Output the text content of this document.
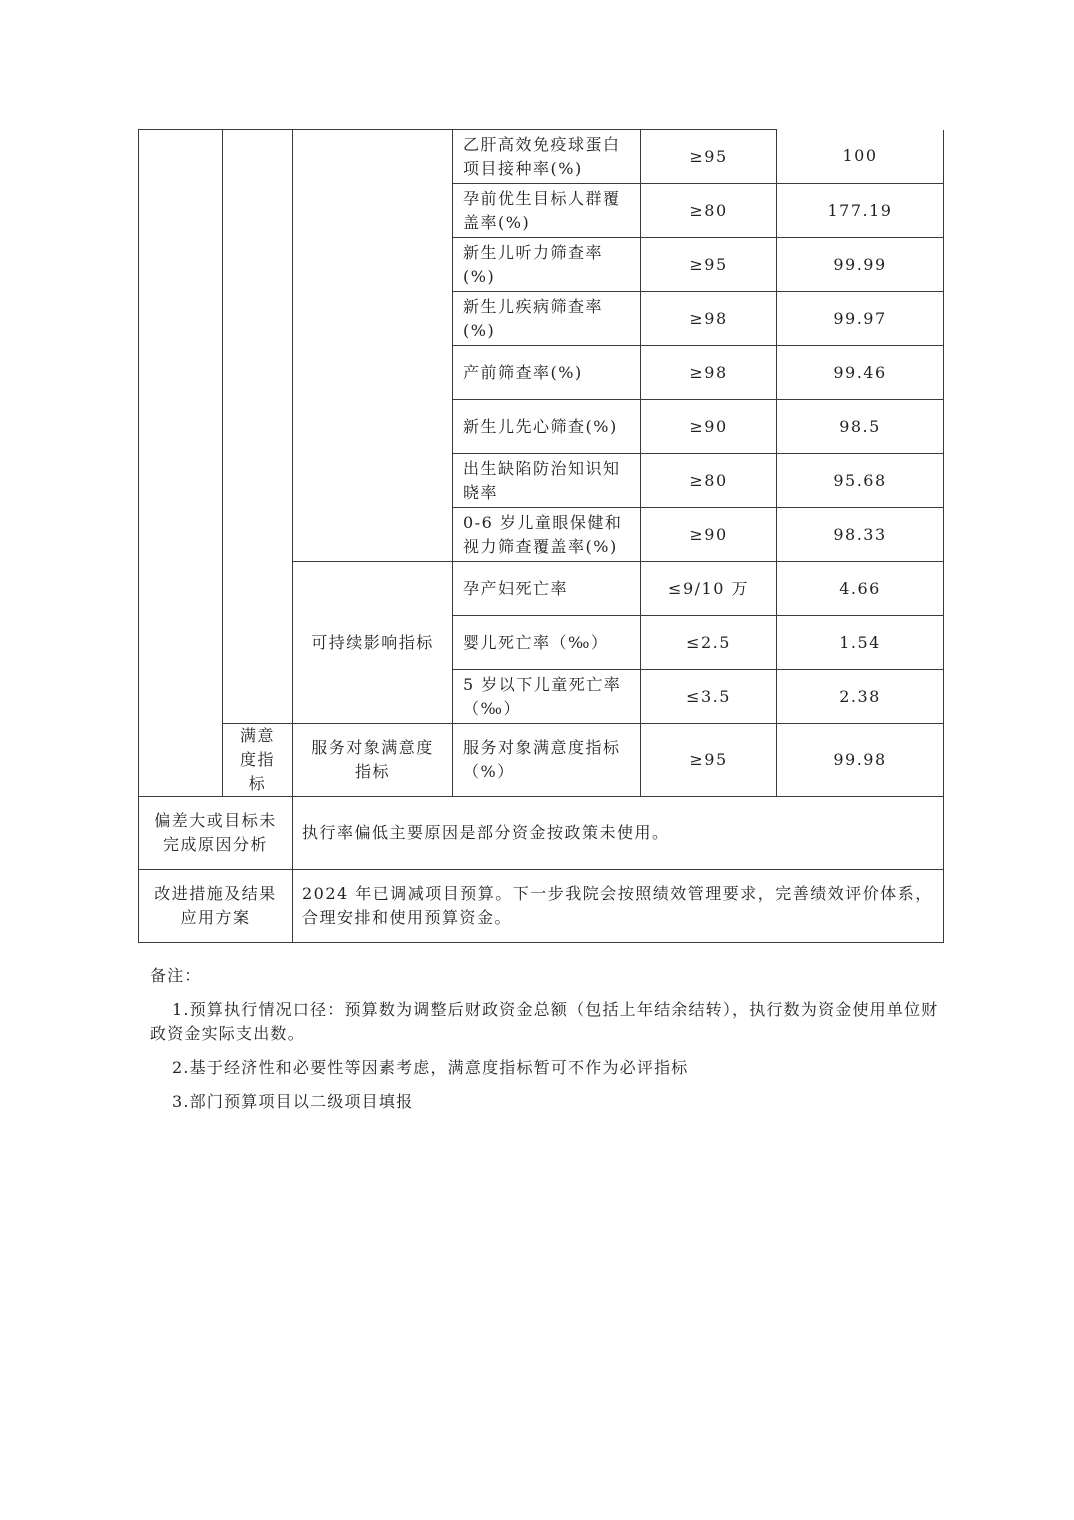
			乙肝高效免疫球蛋白项目接种率(%)	≥95	100
			孕前优生目标人群覆盖率(%)	≥80	177.19
			新生儿听力筛查率(%)	≥95	99.99
			新生儿疾病筛查率(%)	≥98	99.97
			产前筛查率(%)	≥98	99.46
			新生儿先心筛查(%)	≥90	98.5
			出生缺陷防治知识知晓率	≥80	95.68
			0-6 岁儿童眼保健和视力筛查覆盖率(%)	≥90	98.33
		可持续影响指标	孕产妇死亡率	≤9/10 万	4.66
			婴儿死亡率（‰）	≤2.5	1.54
			5 岁以下儿童死亡率（‰）	≤3.5	2.38
	满意度指标	服务对象满意度指标	服务对象满意度指标（%）	≥95	99.98
偏差大或目标未完成原因分析		执行率偏低主要原因是部分资金按政策未使用。			
改进措施及结果应用方案		2024 年已调减项目预算。下一步我院会按照绩效管理要求，完善绩效评价体系，合理安排和使用预算资金。			

备注：

1.预算执行情况口径：预算数为调整后财政资金总额（包括上年结余结转），执行数为资金使用单位财政资金实际支出数。

2.基于经济性和必要性等因素考虑，满意度指标暂可不作为必评指标

3.部门预算项目以二级项目填报
